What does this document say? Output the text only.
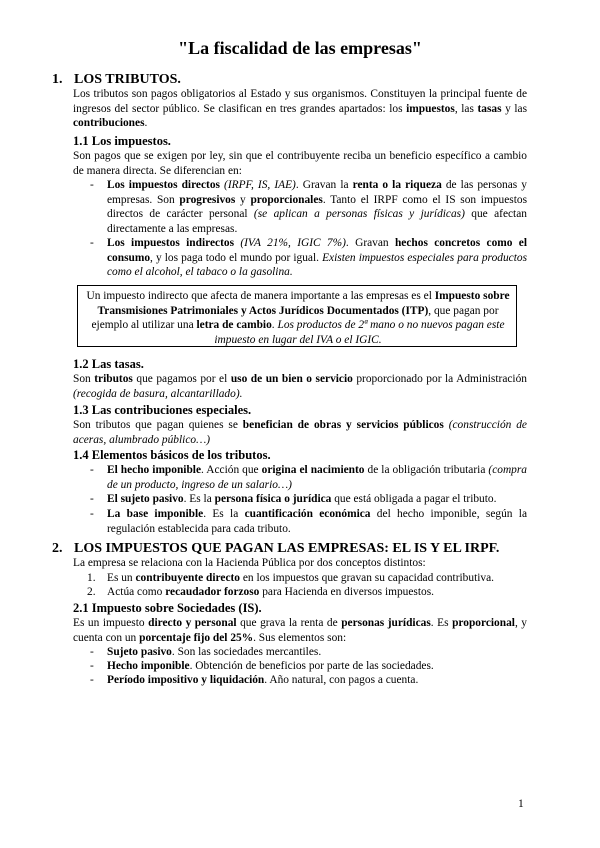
"La fiscalidad de las empresas"
1. LOS TRIBUTOS.
Los tributos son pagos obligatorios al Estado y sus organismos. Constituyen la principal fuente de ingresos del sector público. Se clasifican en tres grandes apartados: los impuestos, las tasas y las contribuciones.
1.1 Los impuestos.
Son pagos que se exigen por ley, sin que el contribuyente reciba un beneficio específico a cambio de manera directa. Se diferencian en:
- Los impuestos directos (IRPF, IS, IAE). Gravan la renta o la riqueza de las personas y empresas. Son progresivos y proporcionales. Tanto el IRPF como el IS son impuestos directos de carácter personal (se aplican a personas físicas y jurídicas) que afectan directamente a las empresas.
- Los impuestos indirectos (IVA 21%, IGIC 7%). Gravan hechos concretos como el consumo, y los paga todo el mundo por igual. Existen impuestos especiales para productos como el alcohol, el tabaco o la gasolina.
Un impuesto indirecto que afecta de manera importante a las empresas es el Impuesto sobre Transmisiones Patrimoniales y Actos Jurídicos Documentados (ITP), que pagan por ejemplo al utilizar una letra de cambio. Los productos de 2ª mano o no nuevos pagan este impuesto en lugar del IVA o el IGIC.
1.2 Las tasas.
Son tributos que pagamos por el uso de un bien o servicio proporcionado por la Administración (recogida de basura, alcantarillado).
1.3 Las contribuciones especiales.
Son tributos que pagan quienes se benefician de obras y servicios públicos (construcción de aceras, alumbrado público…)
1.4 Elementos básicos de los tributos.
- El hecho imponible. Acción que origina el nacimiento de la obligación tributaria (compra de un producto, ingreso de un salario…)
- El sujeto pasivo. Es la persona física o jurídica que está obligada a pagar el tributo.
- La base imponible. Es la cuantificación económica del hecho imponible, según la regulación establecida para cada tributo.
2. LOS IMPUESTOS QUE PAGAN LAS EMPRESAS: EL IS Y EL IRPF.
La empresa se relaciona con la Hacienda Pública por dos conceptos distintos:
1. Es un contribuyente directo en los impuestos que gravan su capacidad contributiva.
2. Actúa como recaudador forzoso para Hacienda en diversos impuestos.
2.1 Impuesto sobre Sociedades (IS).
Es un impuesto directo y personal que grava la renta de personas jurídicas. Es proporcional, y cuenta con un porcentaje fijo del 25%. Sus elementos son:
- Sujeto pasivo. Son las sociedades mercantiles.
- Hecho imponible. Obtención de beneficios por parte de las sociedades.
- Período impositivo y liquidación. Año natural, con pagos a cuenta.
1
